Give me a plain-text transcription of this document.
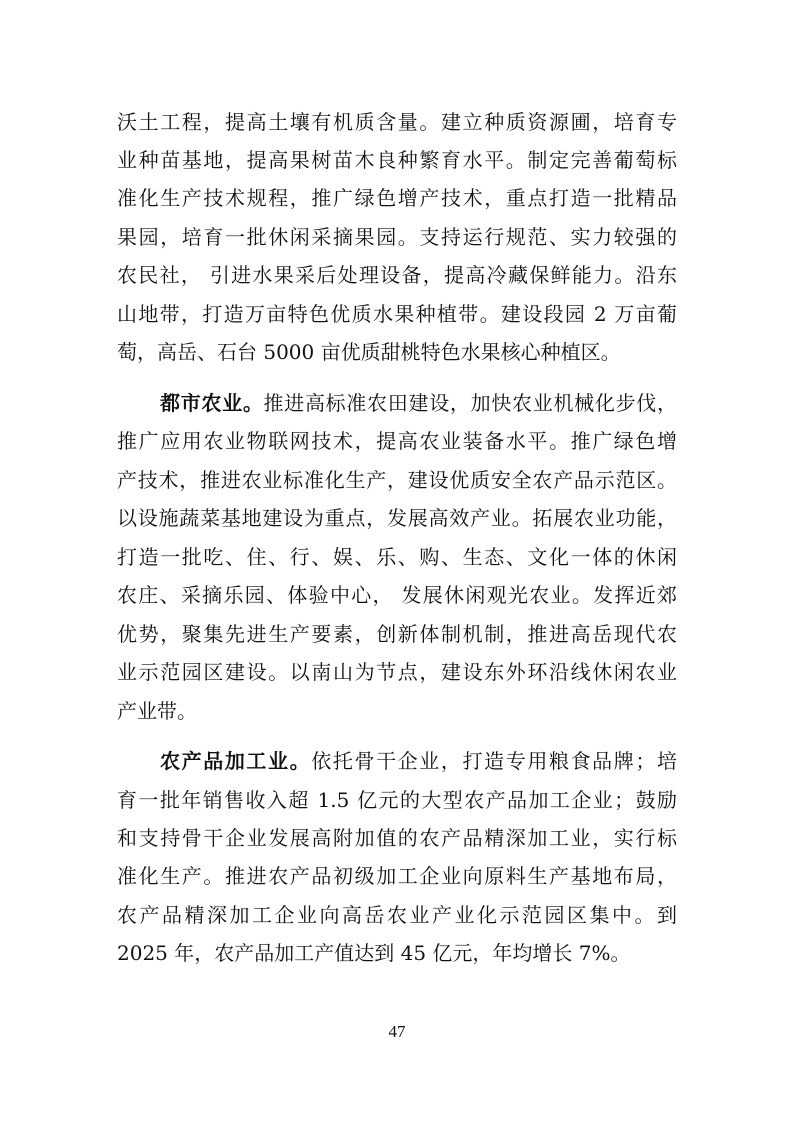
沃土工程，提高土壤有机质含量。建立种质资源圃，培育专
业种苗基地，提高果树苗木良种繁育水平。制定完善葡萄标
准化生产技术规程，推广绿色增产技术，重点打造一批精品
果园，培育一批休闲采摘果园。支持运行规范、实力较强的
农民社， 引进水果采后处理设备，提高冷藏保鲜能力。沿东
山地带，打造万亩特色优质水果种植带。建设段园 2 万亩葡
萄，高岳、石台 5000 亩优质甜桃特色水果核心种植区。
都市农业。推进高标准农田建设，加快农业机械化步伐，
推广应用农业物联网技术，提高农业装备水平。推广绿色增
产技术，推进农业标准化生产，建设优质安全农产品示范区。
以设施蔬菜基地建设为重点，发展高效产业。拓展农业功能，
打造一批吃、住、行、娱、乐、购、生态、文化一体的休闲
农庄、采摘乐园、体验中心， 发展休闲观光农业。发挥近郊
优势，聚集先进生产要素，创新体制机制，推进高岳现代农
业示范园区建设。以南山为节点，建设东外环沿线休闲农业
产业带。
农产品加工业。依托骨干企业，打造专用粮食品牌；培
育一批年销售收入超 1.5 亿元的大型农产品加工企业；鼓励
和支持骨干企业发展高附加值的农产品精深加工业，实行标
准化生产。推进农产品初级加工企业向原料生产基地布局，
农产品精深加工企业向高岳农业产业化示范园区集中。到
2025 年，农产品加工产值达到 45 亿元，年均增长 7%。
47
